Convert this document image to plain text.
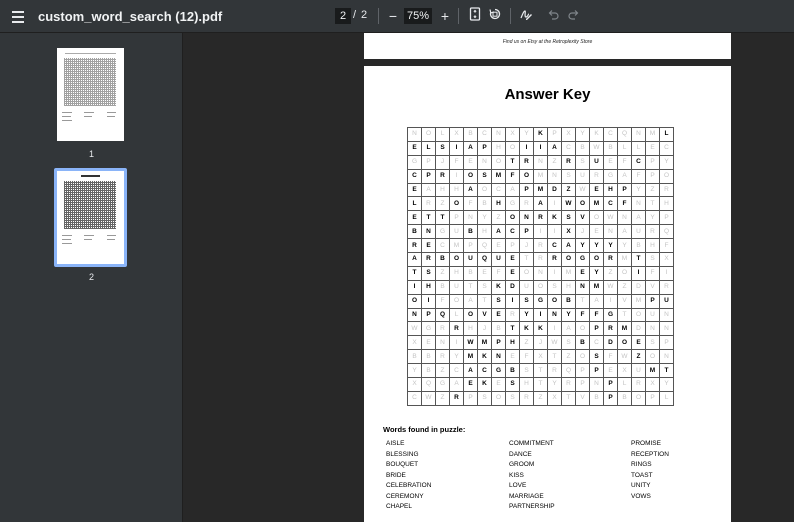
custom_word_search (12).pdf	2 / 2	− 75% +
1
2
Find us on Etsy at the Retroplexity Store
Answer Key
N	O	L	X	B	C	N	X	Y	K	P	X	Y	K	C	Q	N	M	L
E	L	S	I	A	P	H	O	I	I	A	C	B	W	B	L	L	E	C
G	P	J	F	E	N	O	T	R	N	Z	R	S	U	E	F	C	P	Y
C	P	R	I	O	S	M	F	O	M	N	S	U	R	G	A	F	P	O
E	A	H	H	A	O	C	A	P	M	D	Z	W	E	H	P	Y	Z	R
L	R	Z	O	F	B	H	G	R	A	I	W	O	M	C	F	N	T	H
E	T	T	P	N	Y	Z	O	N	R	K	S	V	O	W	N	A	Y	P
B	N	G	U	B	H	A	C	P	I	I	X	J	E	N	A	U	R	Q
R	E	C	M	P	Q	E	P	J	R	C	A	Y	Y	Y	Y	B	H	F
A	R	B	O	U	Q	U	E	T	R	R	O	G	O	R	M	T	S	X
T	S	Z	H	B	E	F	E	O	N	I	M	E	Y	Z	O	I	F	I
I	H	B	U	T	S	K	D	U	O	S	H	N	M	W	Z	D	V	R
O	I	F	O	A	T	S	I	S	G	O	B	T	A	I	V	M	P	U
N	P	Q	L	O	V	E	R	Y	I	N	Y	F	F	G	T	O	U	N
W	G	R	R	H	J	B	T	K	K	I	A	O	P	R	M	D	N	N
X	E	N	I	W	M	P	H	Z	J	W	S	B	C	D	O	E	S	P
B	B	R	Y	M	K	N	E	F	X	T	Z	O	S	F	W	Z	O	N
Y	B	Z	C	A	C	G	B	S	T	R	Q	P	P	E	X	U	M	T
X	Q	G	A	E	K	E	S	H	T	Y	R	P	N	P	L	R	X	Y
C	W	Z	R	P	S	O	S	R	Z	X	T	V	B	P	B	O	P	L
Words found in puzzle:
AISLE
BLESSING
BOUQUET
BRIDE
CELEBRATION
CEREMONY
CHAPEL
COMMITMENT
DANCE
GROOM
KISS
LOVE
MARRIAGE
PARTNERSHIP
PROMISE
RECEPTION
RINGS
TOAST
UNITY
VOWS
